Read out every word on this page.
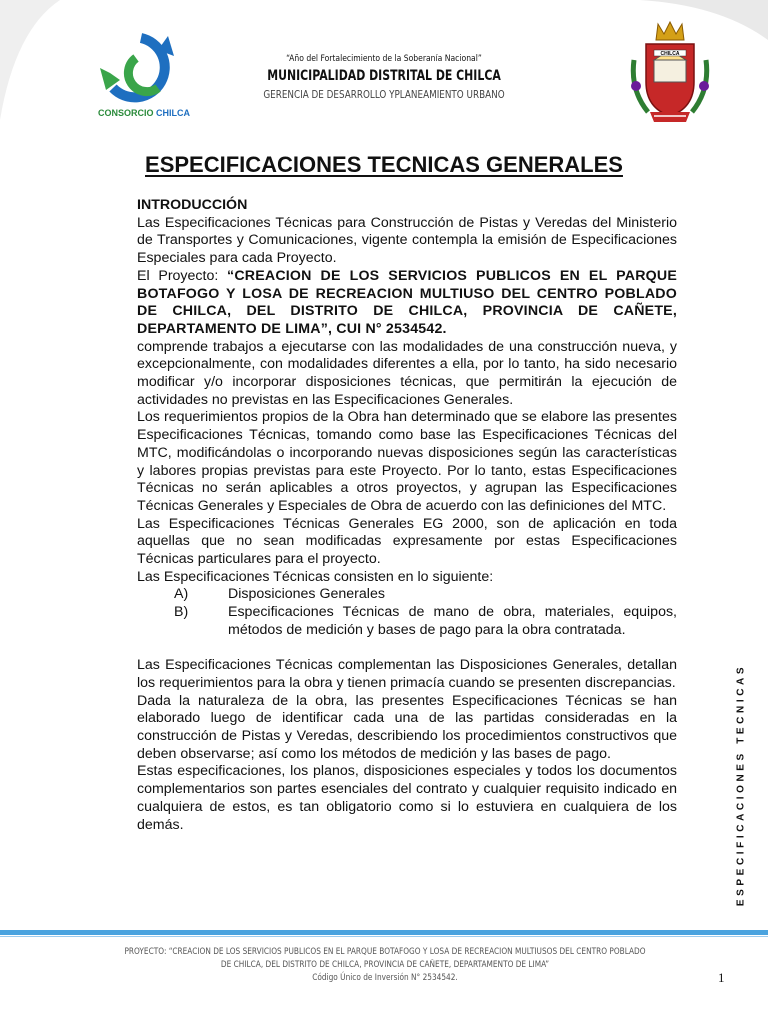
CONSORCIO CHILCA
CHILCA
“Año del Fortalecimiento de la Soberanía Nacional”
MUNICIPALIDAD DISTRITAL DE CHILCA
GERENCIA DE DESARROLLO YPLANEAMIENTO URBANO
ESPECIFICACIONES TECNICAS GENERALES

INTRODUCCIÓN

Las Especificaciones Técnicas para Construcción de Pistas y Veredas del Ministerio de Transportes y Comunicaciones, vigente contempla la emisión de Especificaciones Especiales para cada Proyecto.

El Proyecto: “CREACION DE LOS SERVICIOS PUBLICOS EN EL PARQUE BOTAFOGO Y LOSA DE RECREACION MULTIUSO DEL CENTRO POBLADO DE CHILCA, DEL DISTRITO DE CHILCA, PROVINCIA DE CAÑETE, DEPARTAMENTO DE LIMA”, CUI N° 2534542.

comprende trabajos a ejecutarse con las modalidades de una construcción nueva, y excepcionalmente, con modalidades diferentes a ella, por lo tanto, ha sido necesario modificar y/o incorporar disposiciones técnicas, que permitirán la ejecución de actividades no previstas en las Especificaciones Generales.

Los requerimientos propios de la Obra han determinado que se elabore las presentes Especificaciones Técnicas, tomando como base las Especificaciones Técnicas del MTC, modificándolas o incorporando nuevas disposiciones según las características y labores propias previstas para este Proyecto. Por lo tanto, estas Especificaciones Técnicas no serán aplicables a otros proyectos, y agrupan las Especificaciones Técnicas Generales y Especiales de Obra de acuerdo con las definiciones del MTC.

Las Especificaciones Técnicas Generales EG 2000, son de aplicación en toda aquellas que no sean modificadas expresamente por estas Especificaciones Técnicas particulares para el proyecto.

Las Especificaciones Técnicas consisten en lo siguiente:

A)	Disposiciones Generales
B)	Especificaciones Técnicas de mano de obra, materiales, equipos, métodos de medición y bases de pago para la obra contratada.

Las Especificaciones Técnicas complementan las Disposiciones Generales, detallan los requerimientos para la obra y tienen primacía cuando se presenten discrepancias.

Dada la naturaleza de la obra, las presentes Especificaciones Técnicas se han elaborado luego de identificar cada una de las partidas consideradas en la construcción de Pistas y Veredas, describiendo los procedimientos constructivos que deben observarse; así como los métodos de medición y las bases de pago.

Estas especificaciones, los planos, disposiciones especiales y todos los documentos complementarios son partes esenciales del contrato y cualquier requisito indicado en cualquiera de estos, es tan obligatorio como si lo estuviera en cualquiera de los demás.	ESPECIFICACIONES TECNICAS
PROYECTO: “CREACION DE LOS SERVICIOS PUBLICOS EN EL PARQUE BOTAFOGO Y LOSA DE RECREACION MULTIUSOS DEL CENTRO POBLADO
DE CHILCA, DEL DISTRITO DE CHILCA, PROVINCIA DE CAÑETE, DEPARTAMENTO DE LIMA”
Código Único de Inversión N° 2534542.	1
